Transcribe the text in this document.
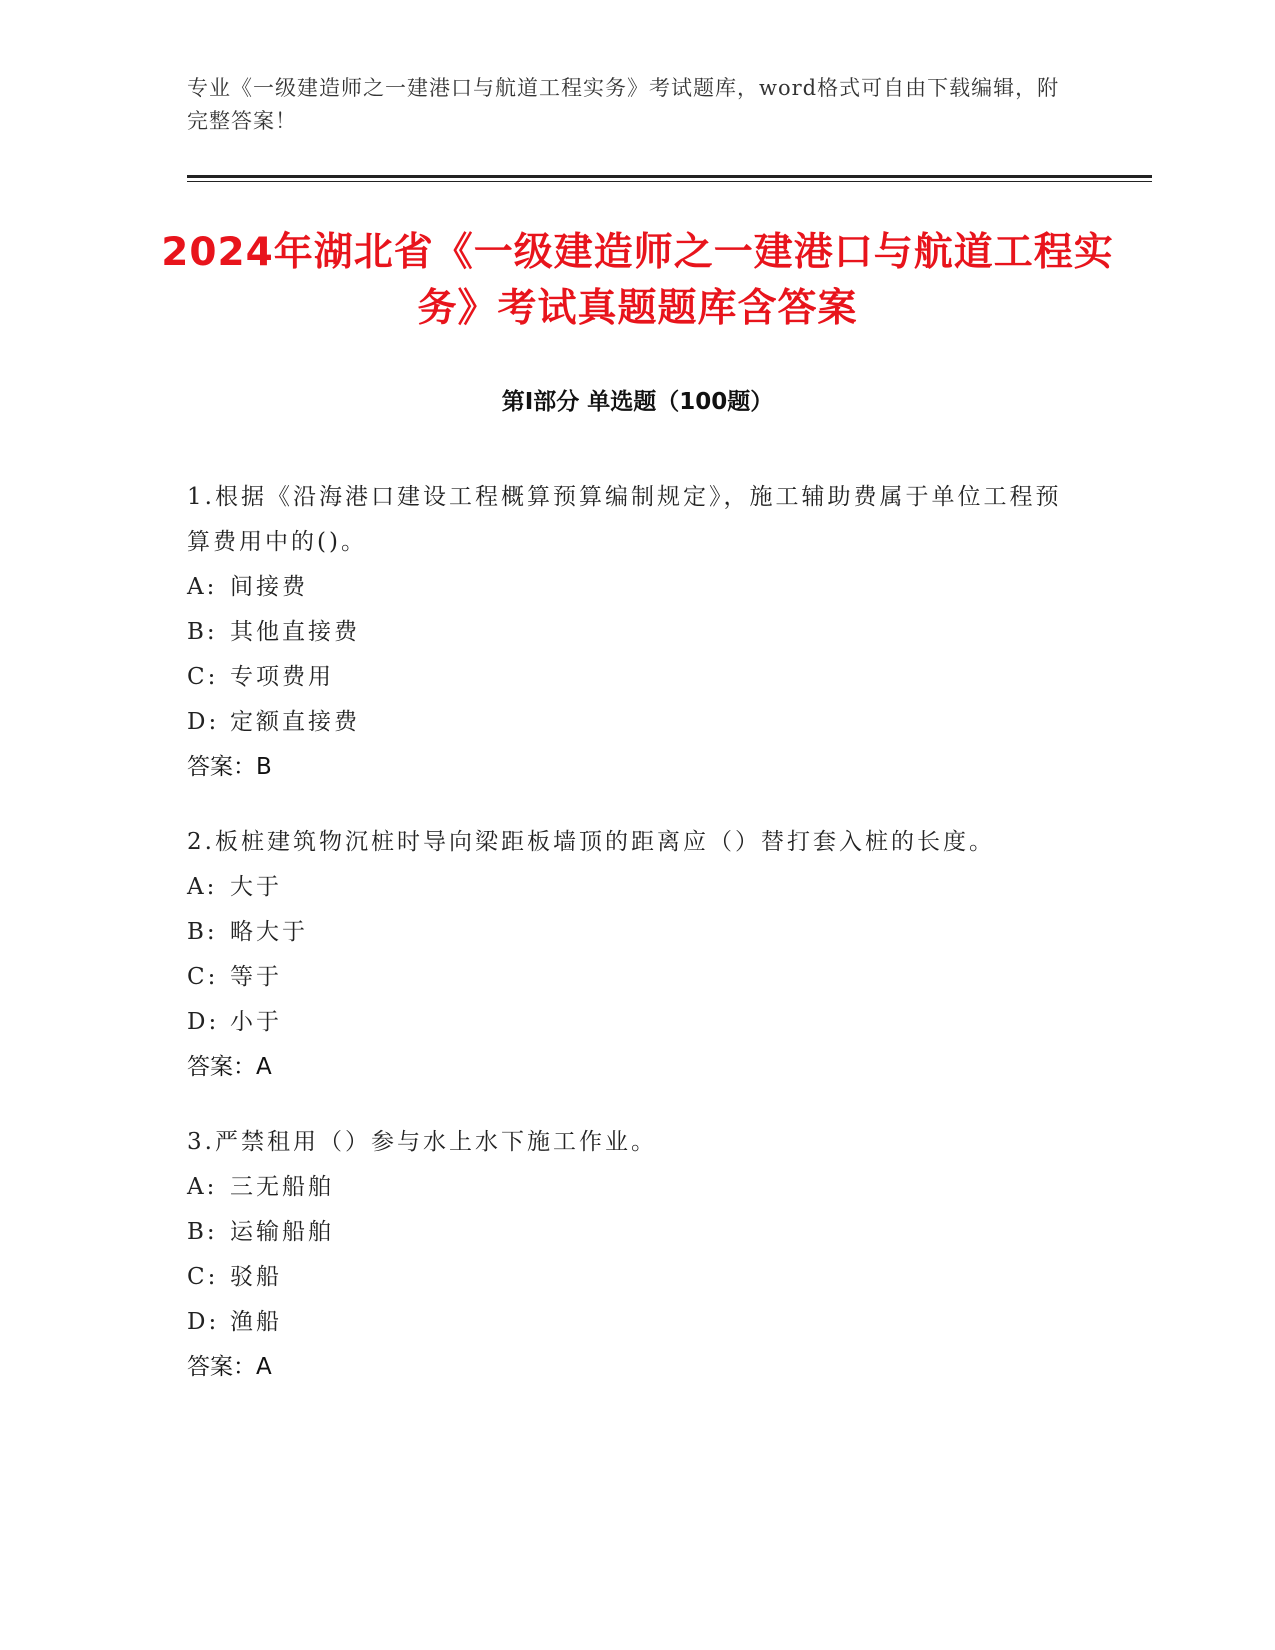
专业《一级建造师之一建港口与航道工程实务》考试题库，word格式可自由下载编辑，附完整答案！
2024年湖北省《一级建造师之一建港口与航道工程实务》考试真题题库含答案
第Ⅰ部分 单选题（100题）
1.根据《沿海港口建设工程概算预算编制规定》，施工辅助费属于单位工程预算费用中的()。
A: 间接费
B: 其他直接费
C: 专项费用
D: 定额直接费
答案：B
2.板桩建筑物沉桩时导向梁距板墙顶的距离应（）替打套入桩的长度。
A: 大于
B: 略大于
C: 等于
D: 小于
答案：A
3.严禁租用（）参与水上水下施工作业。
A: 三无船舶
B: 运输船舶
C: 驳船
D: 渔船
答案：A
